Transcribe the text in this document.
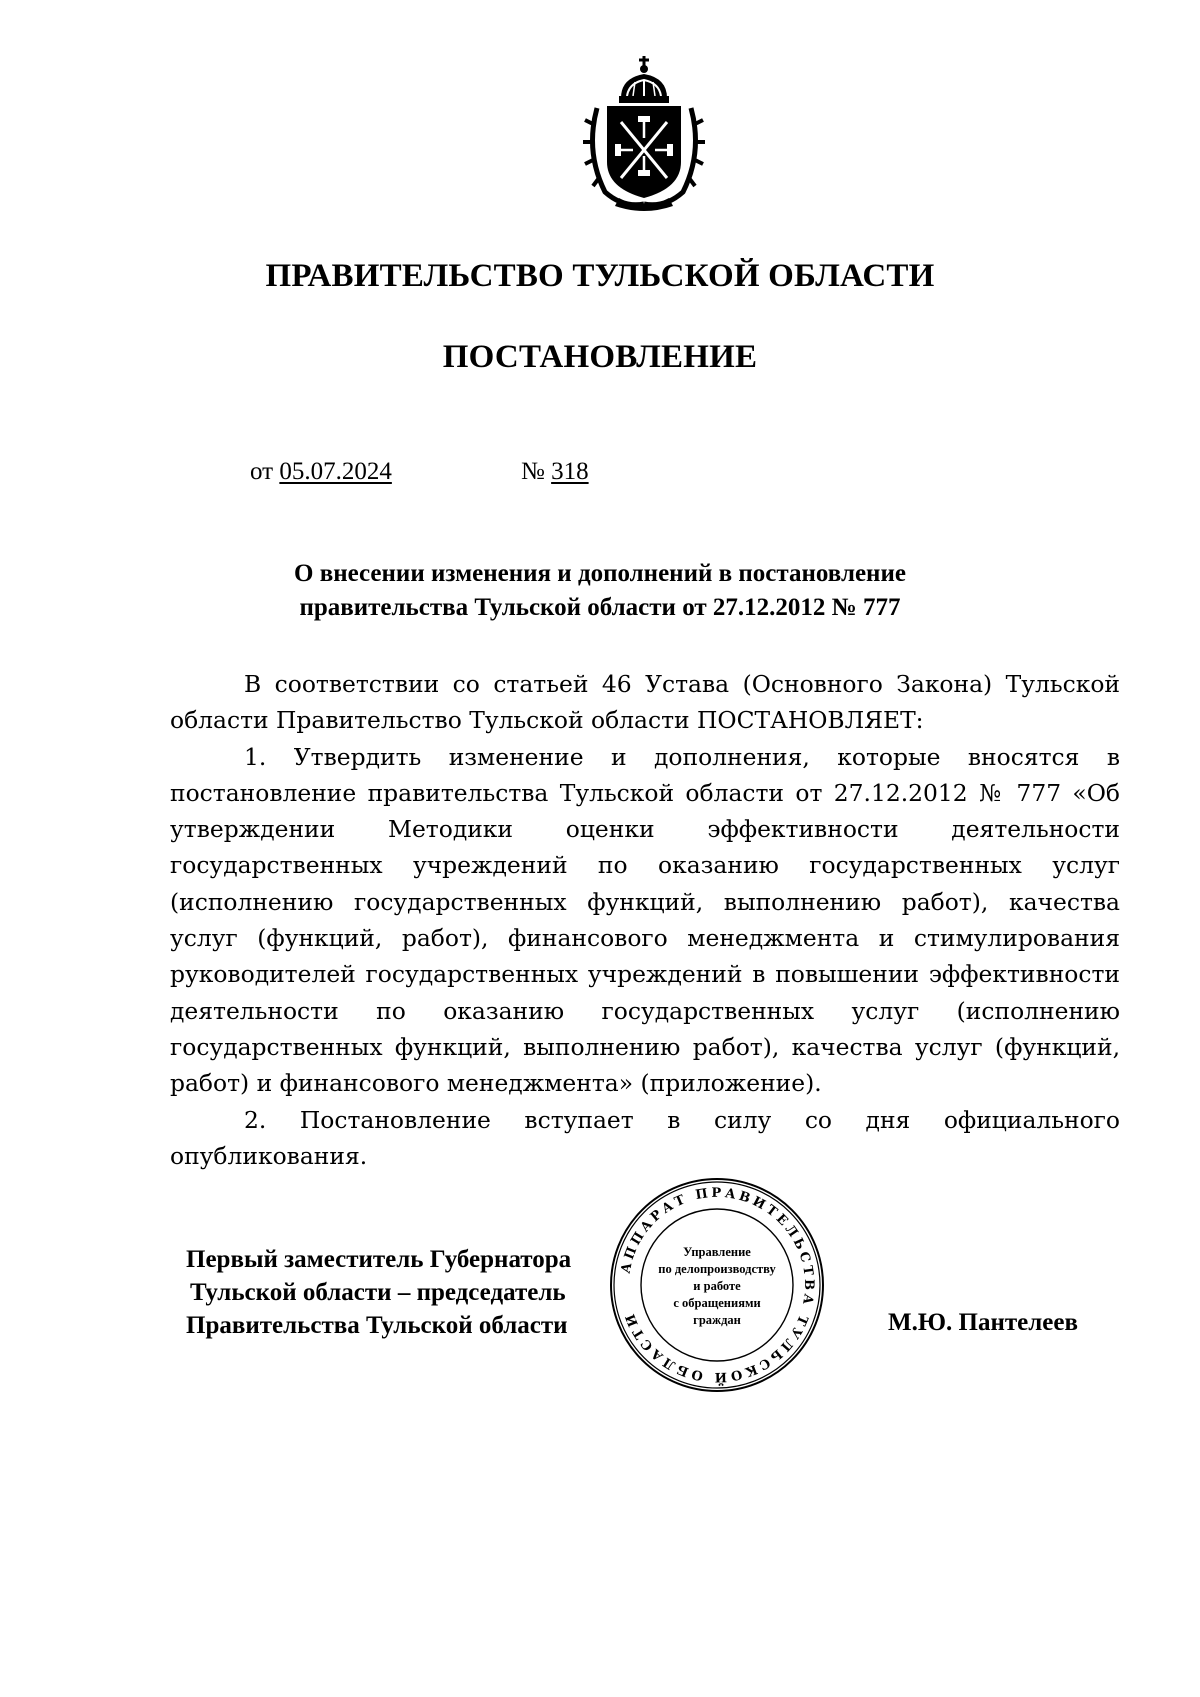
ПРАВИТЕЛЬСТВО ТУЛЬСКОЙ ОБЛАСТИ
ПОСТАНОВЛЕНИЕ
от 05.07.2024	№ 318
О внесении изменения и дополнений в постановление
правительства Тульской области от 27.12.2012 № 777

В соответствии со статьей 46 Устава (Основного Закона) Тульской области Правительство Тульской области ПОСТАНОВЛЯЕТ:

1. Утвердить изменение и дополнения, которые вносятся в постановление правительства Тульской области от 27.12.2012 № 777 «Об утверждении Методики оценки эффективности деятельности государственных учреждений по оказанию государственных услуг (исполнению государственных функций, выполнению работ), качества услуг (функций, работ), финансового менеджмента и стимулирования руководителей государственных учреждений в повышении эффективности деятельности по оказанию государственных услуг (исполнению государственных функций, выполнению работ), качества услуг (функций, работ) и финансового менеджмента» (приложение).

2. Постановление вступает в силу со дня официального опубликования.

Первый заместитель Губернатора
Тульской области – председатель
Правительства Тульской области	М.Ю. Пантелеев
АППАРАТ ПРАВИТЕЛЬСТВА ТУЛЬСКОЙ ОБЛАСТИ
Управление
по делопроизводству
и работе
с обращениями
граждан
